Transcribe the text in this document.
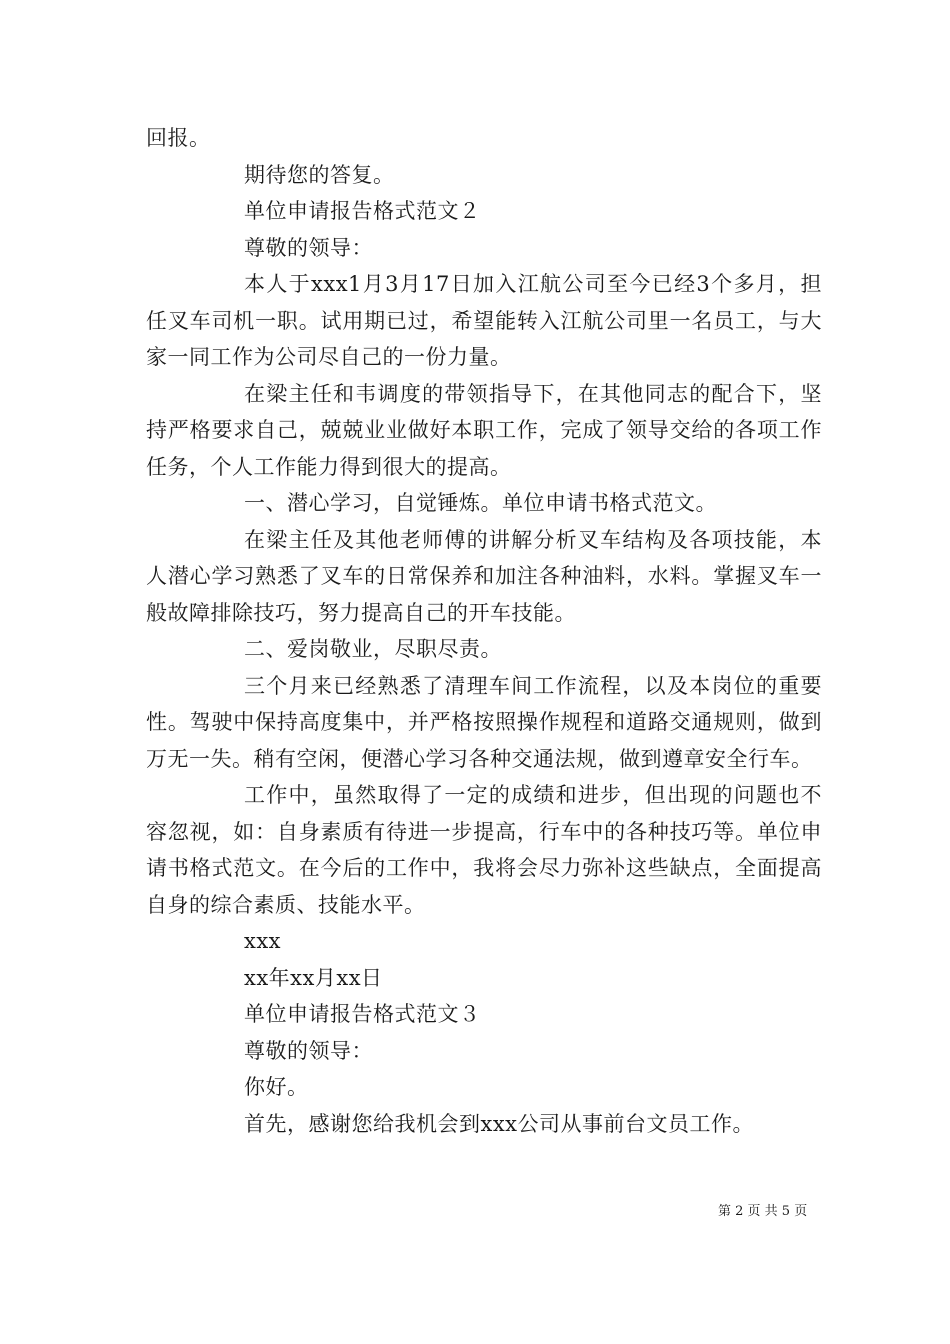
回报。

期待您的答复。

单位申请报告格式范文２

尊敬的领导：

本人于xxx1月3月17日加入江航公司至今已经3个多月，担任叉车司机一职。试用期已过，希望能转入江航公司里一名员工，与大家一同工作为公司尽自己的一份力量。

在梁主任和韦调度的带领指导下，在其他同志的配合下，坚持严格要求自己，兢兢业业做好本职工作，完成了领导交给的各项工作任务，个人工作能力得到很大的提高。

一、潜心学习，自觉锤炼。单位申请书格式范文。

在梁主任及其他老师傅的讲解分析叉车结构及各项技能，本人潜心学习熟悉了叉车的日常保养和加注各种油料，水料。掌握叉车一般故障排除技巧，努力提高自己的开车技能。

二、爱岗敬业，尽职尽责。

三个月来已经熟悉了清理车间工作流程，以及本岗位的重要性。驾驶中保持高度集中，并严格按照操作规程和道路交通规则，做到万无一失。稍有空闲，便潜心学习各种交通法规，做到遵章安全行车。

工作中，虽然取得了一定的成绩和进步，但出现的问题也不容忽视，如：自身素质有待进一步提高，行车中的各种技巧等。单位申请书格式范文。在今后的工作中，我将会尽力弥补这些缺点，全面提高自身的综合素质、技能水平。

xxx

xx年xx月xx日

单位申请报告格式范文３

尊敬的领导：

你好。

首先，感谢您给我机会到xxx公司从事前台文员工作。

第 2 页 共 5 页
